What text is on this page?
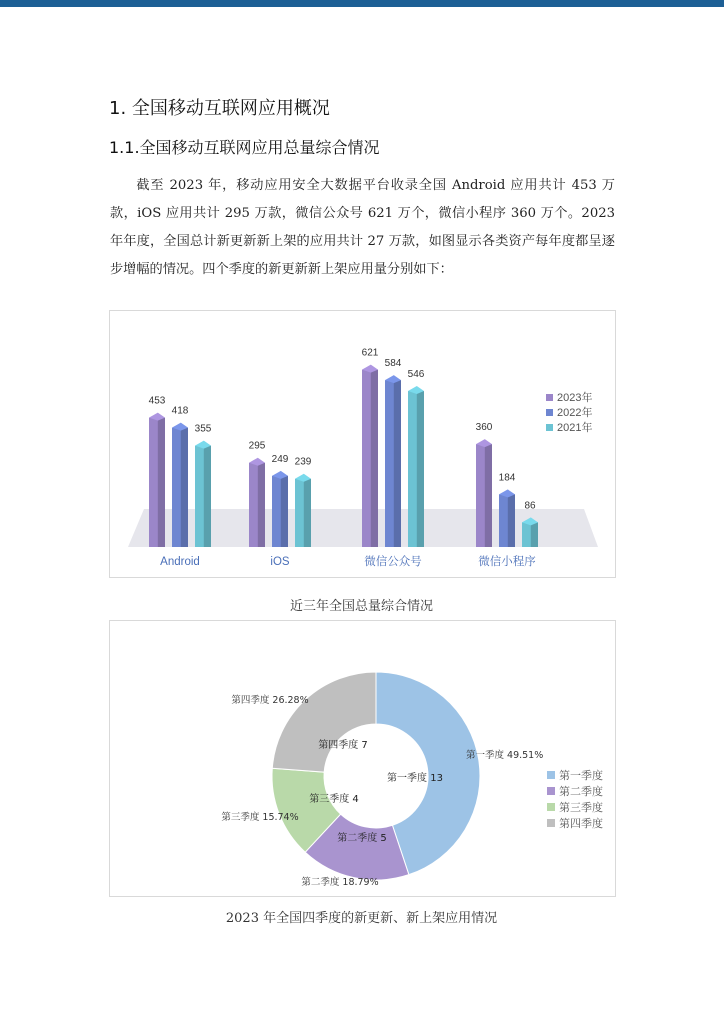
1. 全国移动互联网应用概况
1.1.全国移动互联网应用总量综合情况

截至 2023 年，移动应用安全大数据平台收录全国 Android 应用共计 453 万款，iOS 应用共计 295 万款，微信公众号 621 万个，微信小程序 360 万个。2023 年年度，全国总计新更新新上架的应用共计 27 万款，如图显示各类资产每年度都呈逐步增幅的情况。四个季度的新更新新上架应用量分别如下：

453
418
355
Android
295
249 239
iOS
621
584
546
微信公众号
360
184
86
微信小程序
2023年
2022年
2021年
近三年全国总量综合情况
第一季度 49.51%
第一季度 13
第二季度 18.79%
第二季度 5
第三季度 15.74%
第三季度 4
第四季度 26.28%
第四季度 7
第一季度
第二季度
第三季度
第四季度
2023 年全国四季度的新更新、新上架应用情况
